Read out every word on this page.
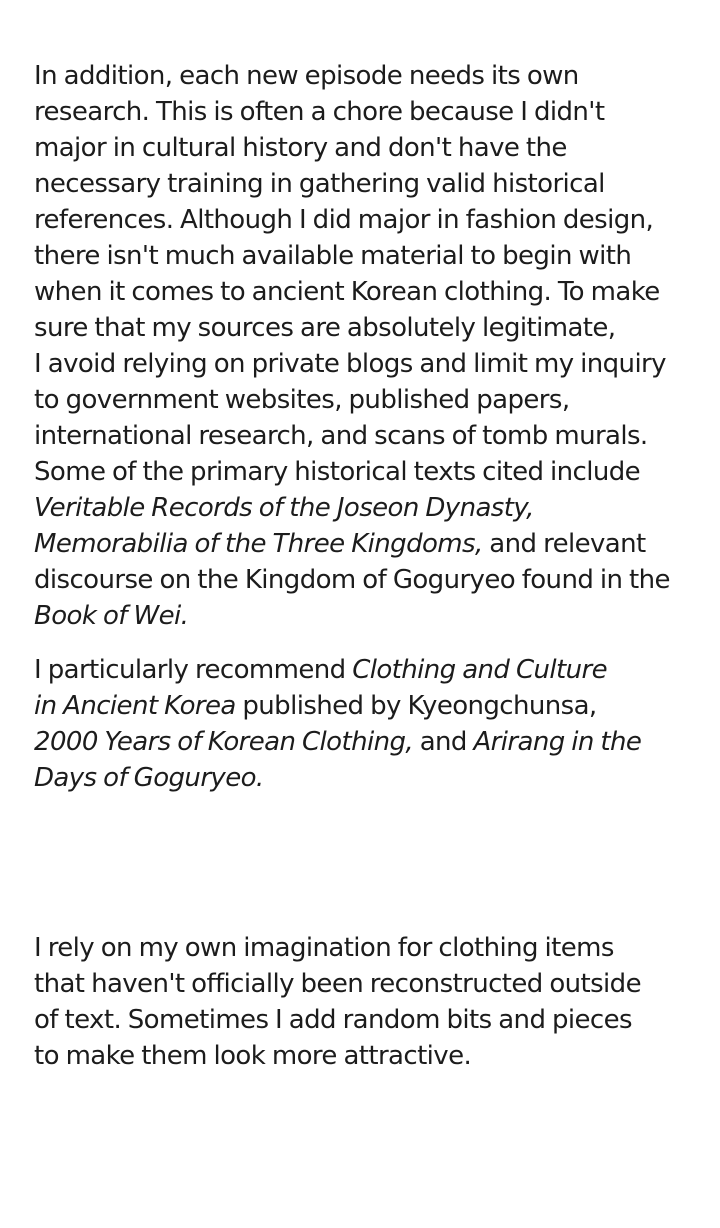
In addition, each new episode needs its own
research. This is often a chore because I didn't
major in cultural history and don't have the
necessary training in gathering valid historical
references. Although I did major in fashion design,
there isn't much available material to begin with
when it comes to ancient Korean clothing. To make
sure that my sources are absolutely legitimate,
I avoid relying on private blogs and limit my inquiry
to government websites, published papers,
international research, and scans of tomb murals.
Some of the primary historical texts cited include
Veritable Records of the Joseon Dynasty,
Memorabilia of the Three Kingdoms, and relevant
discourse on the Kingdom of Goguryeo found in the
Book of Wei.

I particularly recommend Clothing and Culture
in Ancient Korea published by Kyeongchunsa,
2000 Years of Korean Clothing, and Arirang in the
Days of Goguryeo.

I rely on my own imagination for clothing items
that haven't officially been reconstructed outside
of text. Sometimes I add random bits and pieces
to make them look more attractive.
